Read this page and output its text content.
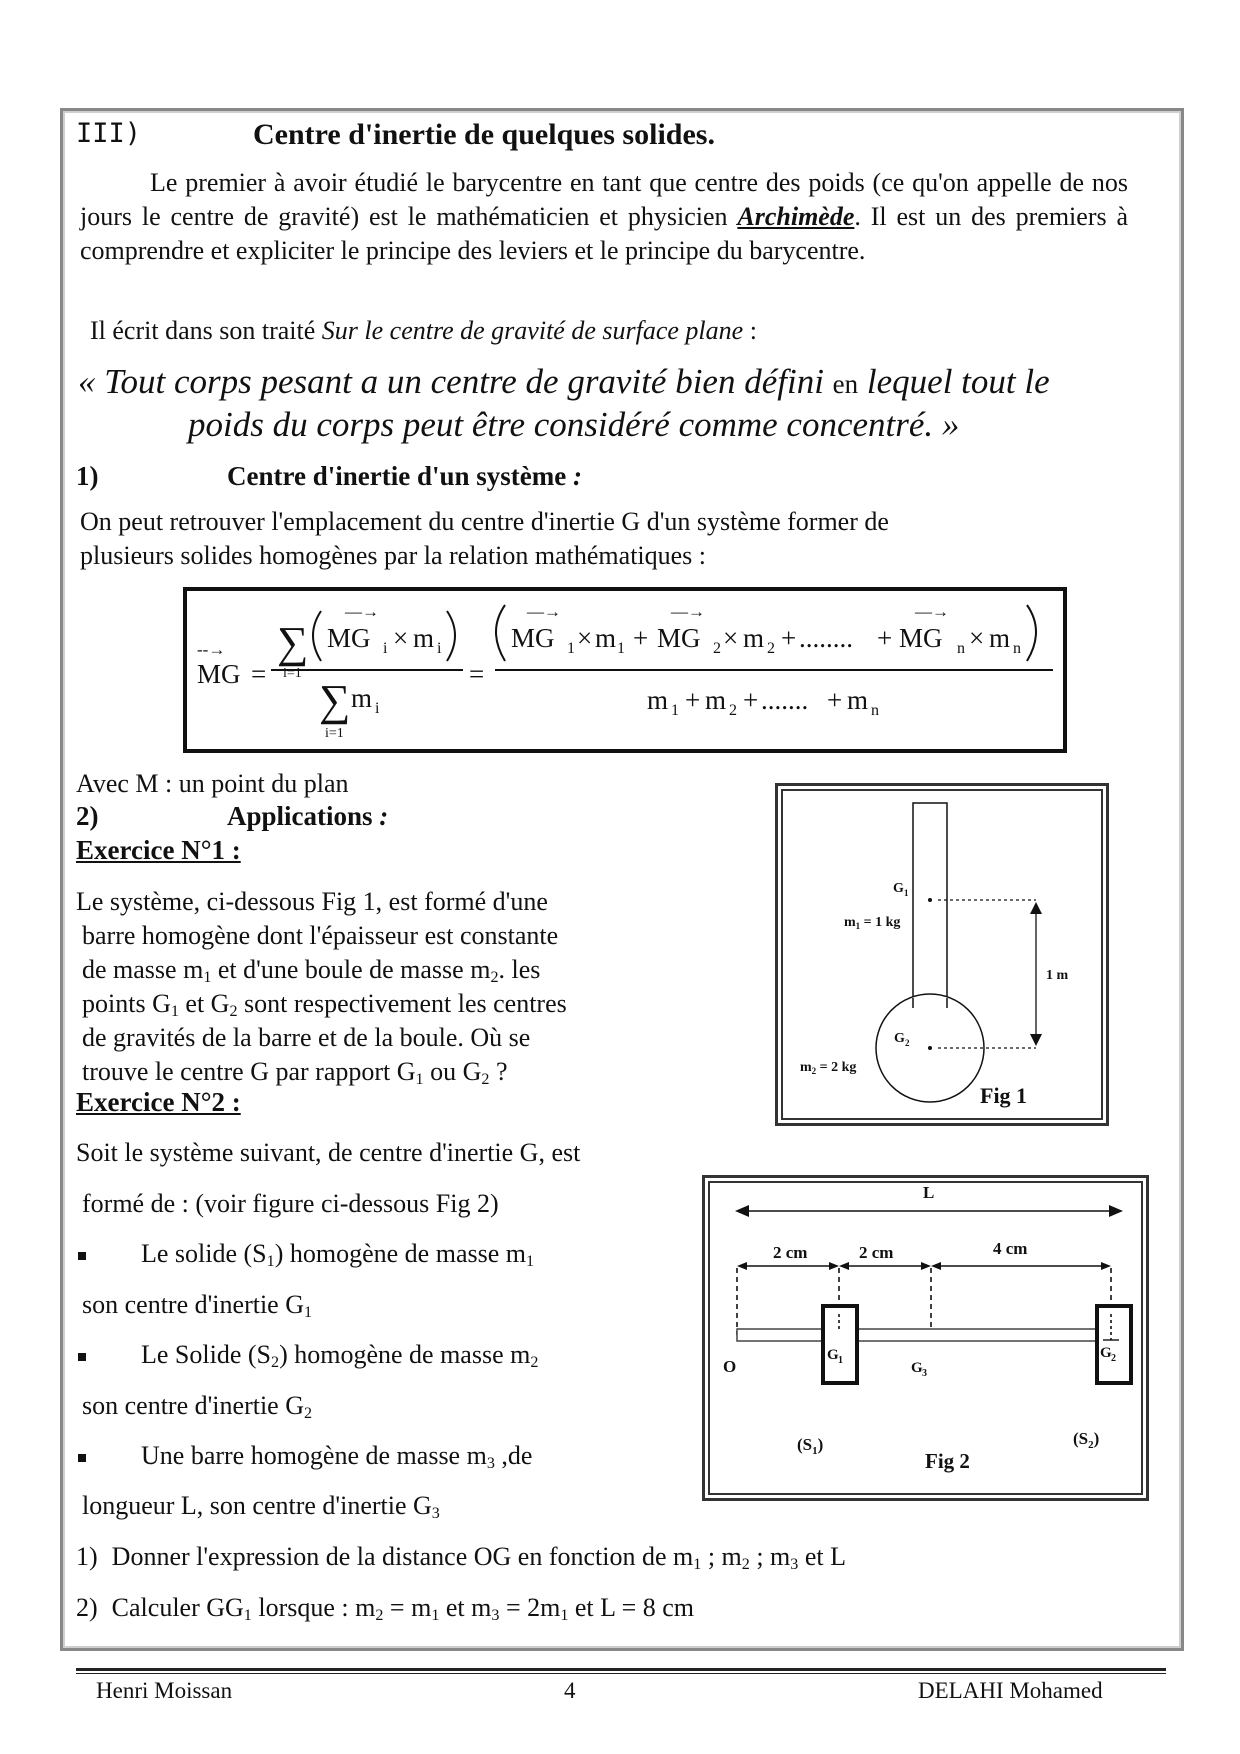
III)	Centre d'inertie de quelques solides.
Le premier à avoir étudié le barycentre en tant que centre des poids (ce qu'on appelle de nos jours le centre de gravité) est le mathématicien et physicien Archimède. Il est un des premiers à comprendre et expliciter le principe des leviers et le principe du barycentre.
Il écrit dans son traité Sur le centre de gravité de surface plane :
« Tout corps pesant a un centre de gravité bien défini en lequel tout le
poids du corps peut être considéré comme concentré. »
1)	Centre d'inertie d'un système :
On peut retrouver l'emplacement du centre d'inertie G d'un système former de
plusieurs solides homogènes par la relation mathématiques :
MG
--→
=
∑
i=1
MG
—→
i × m i
∑
i=1
m i
=
MG
—→
1 × m 1 + MG
—→
2 × m 2 + ........ + MG
—→
n × m n
m 1 + m 2 + ....... + m n
Avec M : un point du plan
2)	Applications :
Exercice N°1 :
Le système, ci-dessous Fig 1, est formé d'une
barre homogène dont l'épaisseur est constante
de masse $m_1$ et d'une boule de masse $m_2$. les
points $G_1$ et $G_2$ sont respectivement les centres
de gravités de la barre et de la boule. Où se
trouve le centre G par rapport $G_1$ ou $G_2$ ?
G 1
$m_1 = 1$ kg
1 m
G 2
$m_2 = 2$ kg
Fig 1
Exercice N°2 :
Soit le système suivant, de centre d'inertie G, est
formé de : (voir figure ci-dessous Fig 2)
Le solide $(S_1)$ homogène de masse $m_1$
son centre d'inertie $G_1$
Le Solide $(S_2)$ homogène de masse $m_2$
son centre d'inertie $G_2$
Une barre homogène de masse $m_3$ ,de
longueur L, son centre d'inertie $G_3$
1) Donner l'expression de la distance OG en fonction de $m_1$ ; $m_2$ ; $m_3$ et L
2) Calculer $GG_1$ lorsque : $m_2 = m_1$ et $m_3 = 2m_1$ et L = 8 cm
L
2 cm	2 cm	4 cm
O
G 1	G 3
G 2
$(S_1)$	$(S_2)$
Fig 2
Henri Moissan	4	DELAHI Mohamed
